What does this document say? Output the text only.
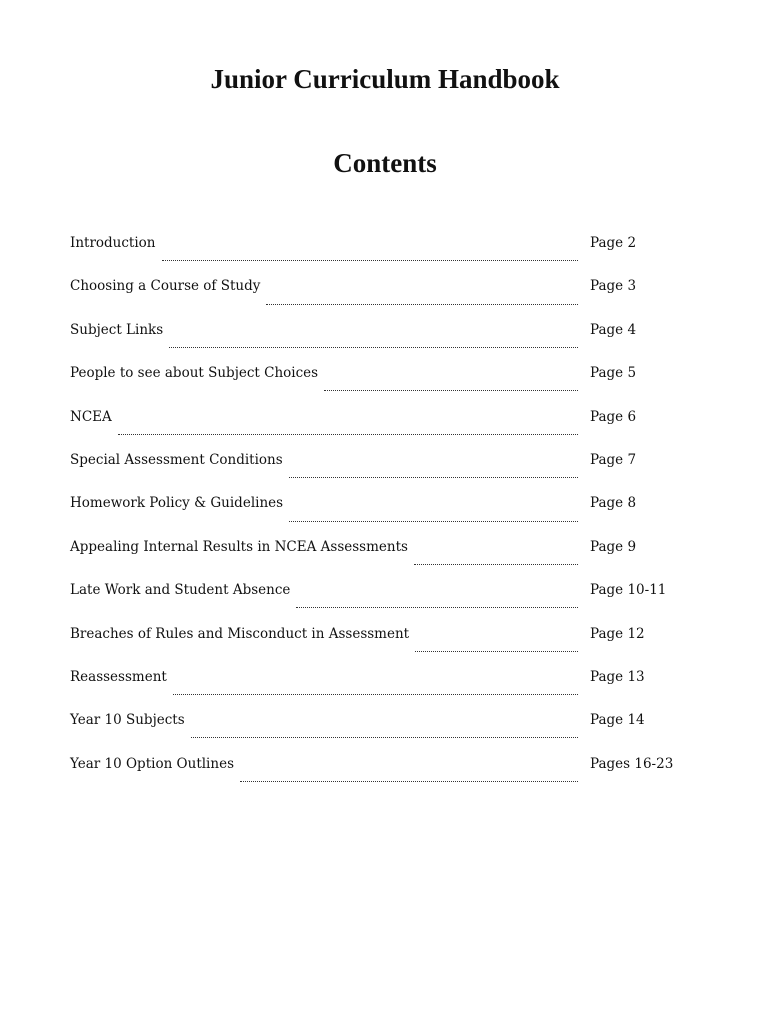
Junior Curriculum Handbook
Contents
Introduction	Page 2
Choosing a Course of Study	Page 3
Subject Links	Page 4
People to see about Subject Choices	Page 5
NCEA	Page 6
Special Assessment Conditions	Page 7
Homework Policy & Guidelines	Page 8
Appealing Internal Results in NCEA Assessments	Page 9
Late Work and Student Absence	Page 10-11
Breaches of Rules and Misconduct in Assessment	Page 12
Reassessment	Page 13
Year 10 Subjects	Page 14
Year 10 Option Outlines	Pages 16-23
